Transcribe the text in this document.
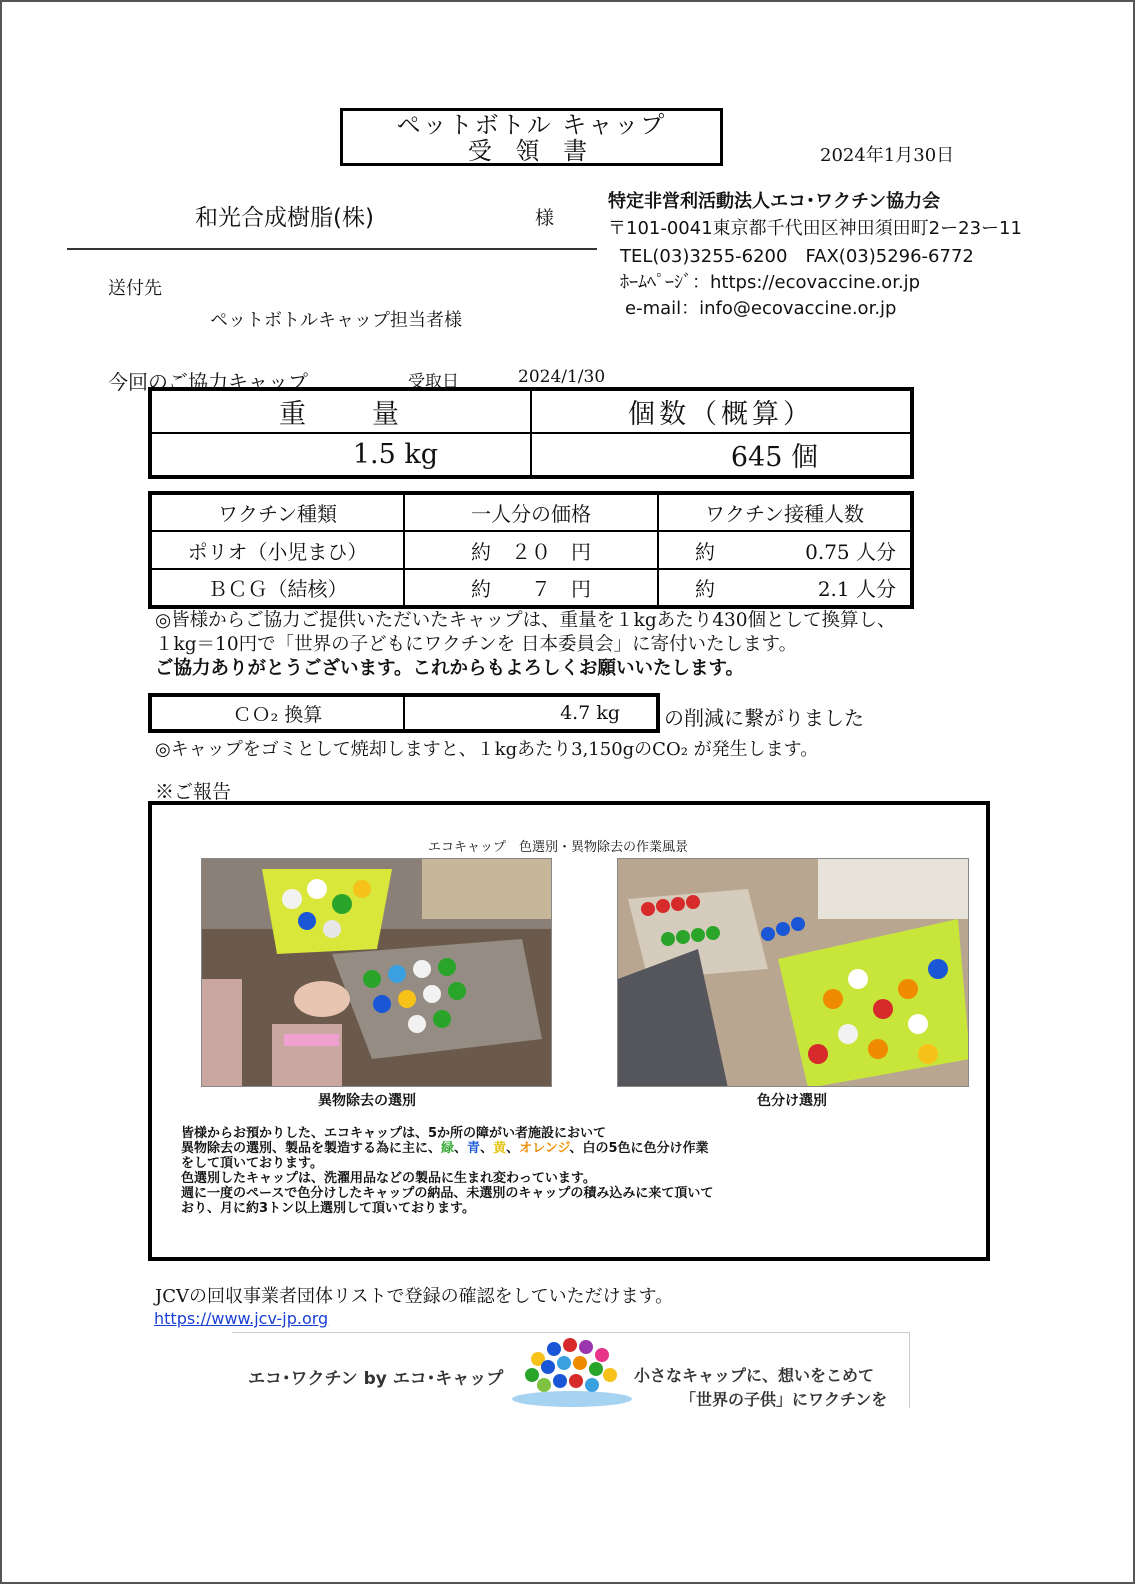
ペットボトル キャップ
受 領 書	2024年1月30日
和光合成樹脂(株)	様
特定非営利活動法人エコ･ワクチン協力会
〒101-0041東京都千代田区神田須田町2ー23ー11
TEL(03)3255-6200　FAX(03)5296-6772
ﾎｰﾑﾍﾟｰｼﾞ：https://ecovaccine.or.jp
e-mail：info@ecovaccine.or.jp
送付先
ペットボトルキャップ担当者様
今回のご協力キャップ	受取日	2024/1/30
重　　量	個数（概算）
1.5 kg	645 個
ワクチン種類	一人分の価格	ワクチン接種人数
ポリオ（小児まひ）	約　２０　円	約 0.75 人分

ＢＣＧ（結核）	約　　７　円	約 2.1 人分
◎皆様からご協力ご提供いただいたキャップは、重量を１kgあたり430個として換算し、
１kg＝10円で「世界の子どもにワクチンを 日本委員会」に寄付いたします。
ご協力ありがとうございます。これからもよろしくお願いいたします。
ＣＯ₂ 換算	4.7 kg の削減に繋がりました
◎キャップをゴミとして焼却しますと、１kgあたり3,150gのCO₂ が発生します。
※ご報告
エコキャップ　色選別・異物除去の作業風景
異物除去の選別	色分け選別
皆様からお預かりした、エコキャップは、5か所の障がい者施設において
異物除去の選別、製品を製造する為に主に、緑、青、黄、オレンジ、白の5色に色分け作業
をして頂いております。
色選別したキャップは、洗濯用品などの製品に生まれ変わっています。
週に一度のペースで色分けしたキャップの納品、未選別のキャップの積み込みに来て頂いて
おり、月に約3トン以上選別して頂いております。
JCVの回収事業者団体リストで登録の確認をしていただけます。
https://www.jcv-jp.org
エコ･ワクチン by エコ･キャップ	小さなキャップに、想いをこめて
「世界の子供」にワクチンを
